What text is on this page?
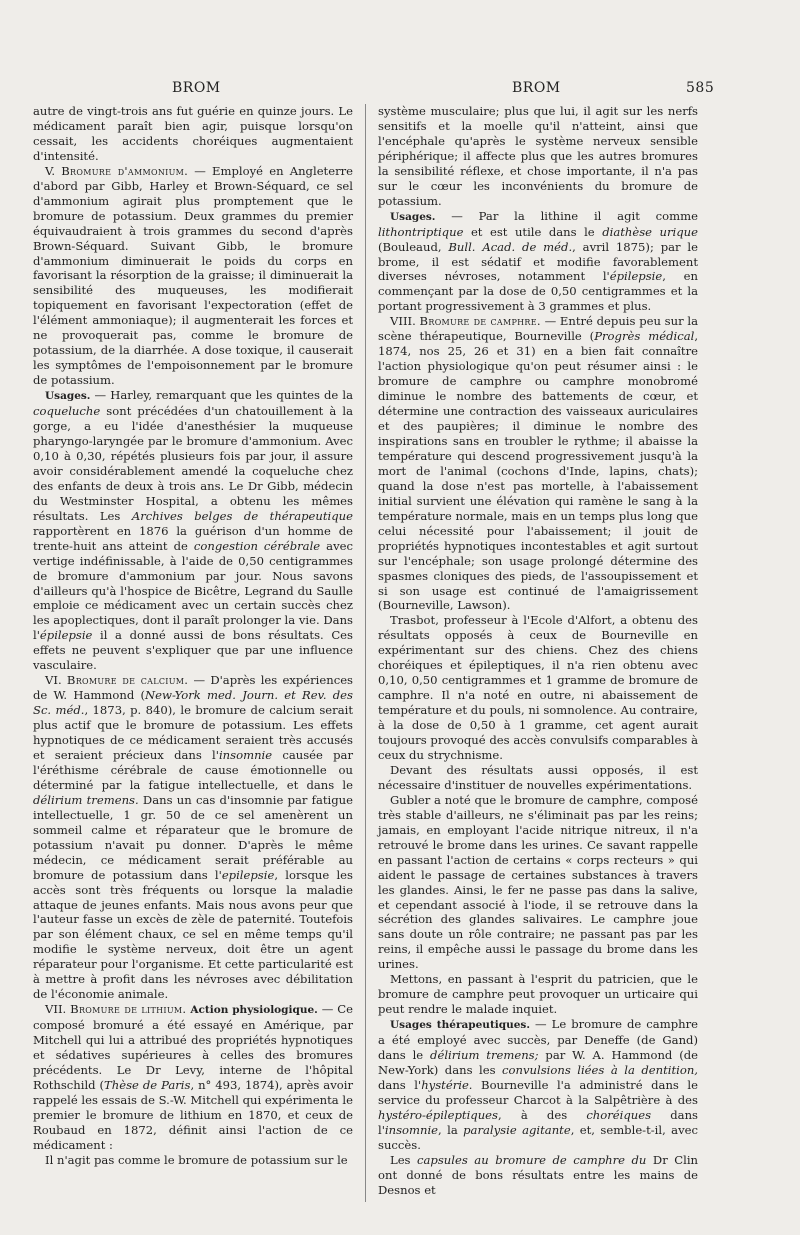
BROM	BROM	585

autre de vingt-trois ans fut guérie en quinze jours. Le médicament paraît bien agir, puisque lorsqu'on cessait, les accidents choréiques augmentaient d'intensité.

V. Bromure d'ammonium. — Employé en Angleterre d'abord par Gibb, Harley et Brown-Séquard, ce sel d'ammonium agirait plus promptement que le bromure de potassium. Deux grammes du premier équivaudraient à trois grammes du second d'après Brown-Séquard. Suivant Gibb, le bromure d'ammonium diminuerait le poids du corps en favorisant la résorption de la graisse; il diminuerait la sensibilité des muqueuses, les modifierait topiquement en favorisant l'expectoration (effet de l'élément ammoniaque); il augmenterait les forces et ne provoquerait pas, comme le bromure de potassium, de la diarrhée. A dose toxique, il causerait les symptômes de l'empoisonnement par le bromure de potassium.

Usages. — Harley, remarquant que les quintes de la coqueluche sont précédées d'un chatouillement à la gorge, a eu l'idée d'anesthésier la muqueuse pharyngo-laryngée par le bromure d'ammonium. Avec 0,10 à 0,30, répétés plusieurs fois par jour, il assure avoir considérablement amendé la coqueluche chez des enfants de deux à trois ans. Le Dr Gibb, médecin du Westminster Hospital, a obtenu les mêmes résultats. Les Archives belges de thérapeutique rapportèrent en 1876 la guérison d'un homme de trente-huit ans atteint de congestion cérébrale avec vertige indéfinissable, à l'aide de 0,50 centigrammes de bromure d'ammonium par jour. Nous savons d'ailleurs qu'à l'hospice de Bicêtre, Legrand du Saulle emploie ce médicament avec un certain succès chez les apoplectiques, dont il paraît prolonger la vie. Dans l'épilepsie il a donné aussi de bons résultats. Ces effets ne peuvent s'expliquer que par une influence vasculaire.

VI. Bromure de calcium. — D'après les expériences de W. Hammond (New-York med. Journ. et Rev. des Sc. méd., 1873, p. 840), le bromure de calcium serait plus actif que le bromure de potassium. Les effets hypnotiques de ce médicament seraient très accusés et seraient précieux dans l'insomnie causée par l'éréthisme cérébrale de cause émotionnelle ou déterminé par la fatigue intellectuelle, et dans le délirium tremens. Dans un cas d'insomnie par fatigue intellectuelle, 1 gr. 50 de ce sel amenèrent un sommeil calme et réparateur que le bromure de potassium n'avait pu donner. D'après le même médecin, ce médicament serait préférable au bromure de potassium dans l'epilepsie, lorsque les accès sont très fréquents ou lorsque la maladie attaque de jeunes enfants. Mais nous avons peur que l'auteur fasse un excès de zèle de paternité. Toutefois par son élément chaux, ce sel en même temps qu'il modifie le système nerveux, doit être un agent réparateur pour l'organisme. Et cette particularité est à mettre à profit dans les névroses avec débilitation de l'économie animale.

VII. Bromure de lithium. Action physiologique. — Ce composé bromuré a été essayé en Amérique, par Mitchell qui lui a attribué des propriétés hypnotiques et sédatives supérieures à celles des bromures précédents. Le Dr Levy, interne de l'hôpital Rothschild (Thèse de Paris, n° 493, 1874), après avoir rappelé les essais de S.-W. Mitchell qui expérimenta le premier le bromure de lithium en 1870, et ceux de Roubaud en 1872, définit ainsi l'action de ce médicament :

Il n'agit pas comme le bromure de potassium sur le

système musculaire; plus que lui, il agit sur les nerfs sensitifs et la moelle qu'il n'atteint, ainsi que l'encéphale qu'après le système nerveux sensible périphérique; il affecte plus que les autres bromures la sensibilité réflexe, et chose importante, il n'a pas sur le cœur les inconvénients du bromure de potassium.

Usages. — Par la lithine il agit comme lithontriptique et est utile dans le diathèse urique (Bouleaud, Bull. Acad. de méd., avril 1875); par le brome, il est sédatif et modifie favorablement diverses névroses, notamment l'épilepsie, en commençant par la dose de 0,50 centigrammes et la portant progressivement à 3 grammes et plus.

VIII. Bromure de camphre. — Entré depuis peu sur la scène thérapeutique, Bourneville (Progrès médical, 1874, nos 25, 26 et 31) en a bien fait connaître l'action physiologique qu'on peut résumer ainsi : le bromure de camphre ou camphre monobromé diminue le nombre des battements de cœur, et détermine une contraction des vaisseaux auriculaires et des paupières; il diminue le nombre des inspirations sans en troubler le rythme; il abaisse la température qui descend progressivement jusqu'à la mort de l'animal (cochons d'Inde, lapins, chats); quand la dose n'est pas mortelle, à l'abaissement initial survient une élévation qui ramène le sang à la température normale, mais en un temps plus long que celui nécessité pour l'abaissement; il jouit de propriétés hypnotiques incontestables et agit surtout sur l'encéphale; son usage prolongé détermine des spasmes cloniques des pieds, de l'assoupissement et si son usage est continué de l'amaigrissement (Bourneville, Lawson).

Trasbot, professeur à l'Ecole d'Alfort, a obtenu des résultats opposés à ceux de Bourneville en expérimentant sur des chiens. Chez des chiens choréiques et épileptiques, il n'a rien obtenu avec 0,10, 0,50 centigrammes et 1 gramme de bromure de camphre. Il n'a noté en outre, ni abaissement de température et du pouls, ni somnolence. Au contraire, à la dose de 0,50 à 1 gramme, cet agent aurait toujours provoqué des accès convulsifs comparables à ceux du strychnisme.

Devant des résultats aussi opposés, il est nécessaire d'instituer de nouvelles expérimentations.

Gubler a noté que le bromure de camphre, composé très stable d'ailleurs, ne s'éliminait pas par les reins; jamais, en employant l'acide nitrique nitreux, il n'a retrouvé le brome dans les urines. Ce savant rappelle en passant l'action de certains « corps recteurs » qui aident le passage de certaines substances à travers les glandes. Ainsi, le fer ne passe pas dans la salive, et cependant associé à l'iode, il se retrouve dans la sécrétion des glandes salivaires. Le camphre joue sans doute un rôle contraire; ne passant pas par les reins, il empêche aussi le passage du brome dans les urines.

Mettons, en passant à l'esprit du patricien, que le bromure de camphre peut provoquer un urticaire qui peut rendre le malade inquiet.

Usages thérapeutiques. — Le bromure de camphre a été employé avec succès, par Deneffe (de Gand) dans le délirium tremens; par W. A. Hammond (de New-York) dans les convulsions liées à la dentition, dans l'hystérie. Bourneville l'a administré dans le service du professeur Charcot à la Salpêtrière à des hystéro-épileptiques, à des choréiques dans l'insomnie, la paralysie agitante, et, semble-t-il, avec succès.

Les capsules au bromure de camphre du Dr Clin ont donné de bons résultats entre les mains de Desnos et
